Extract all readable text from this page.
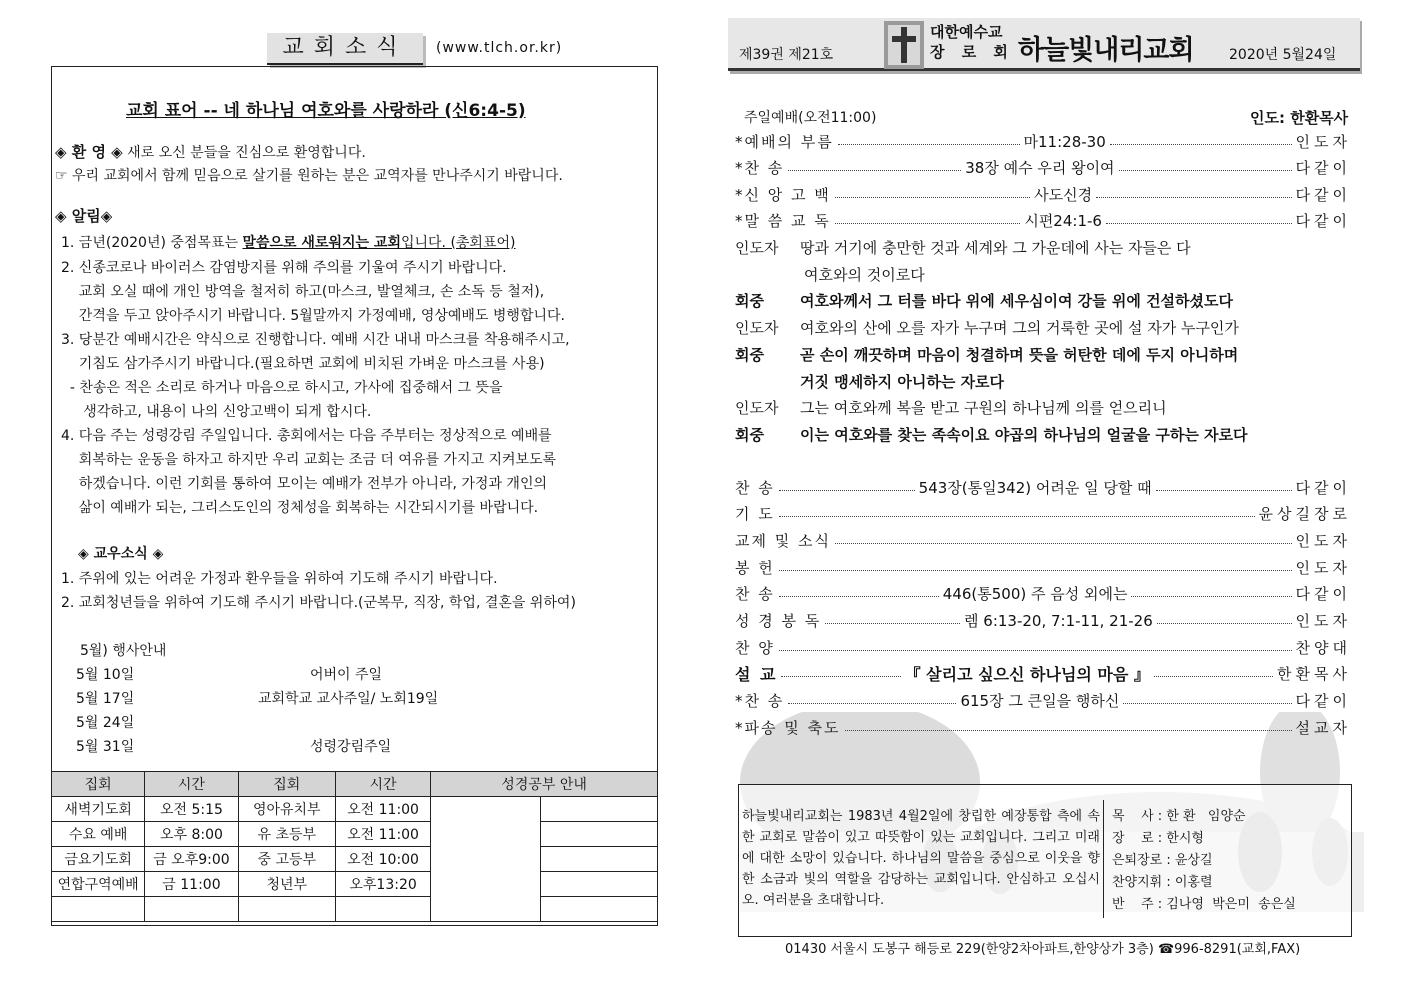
교회소식	(www.tlch.or.kr)
교회 표어 -- 네 하나님 여호와를 사랑하라 (신6:4-5)
◈ 환 영 ◈ 새로 오신 분들을 진심으로 환영합니다.
☞ 우리 교회에서 함께 믿음으로 살기를 원하는 분은 교역자를 만나주시기 바랍니다.
◈ 알림◈
1. 금년(2020년) 중점목표는 말씀으로 새로워지는 교회입니다. (총회표어)
2. 신종코로나 바이러스 감염방지를 위해 주의를 기울여 주시기 바랍니다.
교회 오실 때에 개인 방역을 철저히 하고(마스크, 발열체크, 손 소독 등 철저),
간격을 두고 앉아주시기 바랍니다. 5월말까지 가정예배, 영상예배도 병행합니다.
3. 당분간 예배시간은 약식으로 진행합니다. 예배 시간 내내 마스크를 착용해주시고,
기침도 삼가주시기 바랍니다.(필요하면 교회에 비치된 가벼운 마스크를 사용)
- 찬송은 적은 소리로 하거나 마음으로 하시고, 가사에 집중해서 그 뜻을
생각하고, 내용이 나의 신앙고백이 되게 합시다.
4. 다음 주는 성령강림 주일입니다. 총회에서는 다음 주부터는 정상적으로 예배를
회복하는 운동을 하자고 하지만 우리 교회는 조금 더 여유를 가지고 지켜보도록
하겠습니다. 이런 기회를 통하여 모이는 예배가 전부가 아니라, 가정과 개인의
삶이 예배가 되는, 그리스도인의 정체성을 회복하는 시간되시기를 바랍니다.
◈ 교우소식 ◈
1. 주위에 있는 어려운 가정과 환우들을 위하여 기도해 주시기 바랍니다.
2. 교회청년들을 위하여 기도해 주시기 바랍니다.(군복무, 직장, 학업, 결혼을 위하여)
5월) 행사안내
5월 10일	어버이 주일
5월 17일	교회학교 교사주일/ 노회19일
5월 24일
5월 31일	성령강림주일
집회	시간	집회	시간	성경공부 안내	
새벽기도회	오전 5:15	영아유치부	오전 11:00		
수요 예배	오후 8:00	유 초등부	오전 11:00		
금요기도회	금 오후9:00	중 고등부	오전 10:00		
연합구역예배	금 11:00	청년부	오후13:20		

제39권 제21호
대한예수교
장 로 회 하늘빛내리교회	2020년 5월24일
주일예배(오전11:00)	인도: 한환목사
*예배의 부름	마11:28-30	인도자
*찬 송	38장 예수 우리 왕이여	다같이
*신 앙 고 백	사도신경	다같이
*말 씀 교 독	시편24:1-6	다같이
인도자 땅과 거기에 충만한 것과 세계와 그 가운데에 사는 자들은 다
여호와의 것이로다
회중 여호와께서 그 터를 바다 위에 세우심이여 강들 위에 건설하셨도다
인도자 여호와의 산에 오를 자가 누구며 그의 거룩한 곳에 설 자가 누구인가
회중 곧 손이 깨끗하며 마음이 청결하며 뜻을 허탄한 데에 두지 아니하며
거짓 맹세하지 아니하는 자로다
인도자 그는 여호와께 복을 받고 구원의 하나님께 의를 얻으리니
회중 이는 여호와를 찾는 족속이요 야곱의 하나님의 얼굴을 구하는 자로다
찬 송	543장(통일342) 어려운 일 당할 때	다같이
기 도	윤상길장로
교제 및 소식	인도자
봉 헌	인도자
찬 송	446(통500) 주 음성 외에는	다같이
성 경 봉 독	렘 6:13-20, 7:1-11, 21-26	인도자
찬 양	찬양대
설 교	『 살리고 싶으신 하나님의 마음 』	한환목사
*찬 송	615장 그 큰일을 행하신	다같이
*파송 및 축도	설교자
하늘빛내리교회는 1983년 4월2일에 창립한 예장통합 측에 속한 교회로 말씀이 있고 따뜻함이 있는 교회입니다. 그리고 미래에 대한 소망이 있습니다. 하나님의 말씀을 중심으로 이웃을 향한 소금과 빛의 역할을 감당하는 교회입니다. 안심하고 오십시오. 여러분을 초대합니다.
목    사 : 한 환   임양순
장    로 : 한시형
은퇴장로 : 윤상길
찬양지휘 : 이홍렬
반    주 : 김나영  박은미  송은실
01430 서울시 도봉구 해등로 229(한양2차아파트,한양상가 3층) ☎996-8291(교회,FAX)
